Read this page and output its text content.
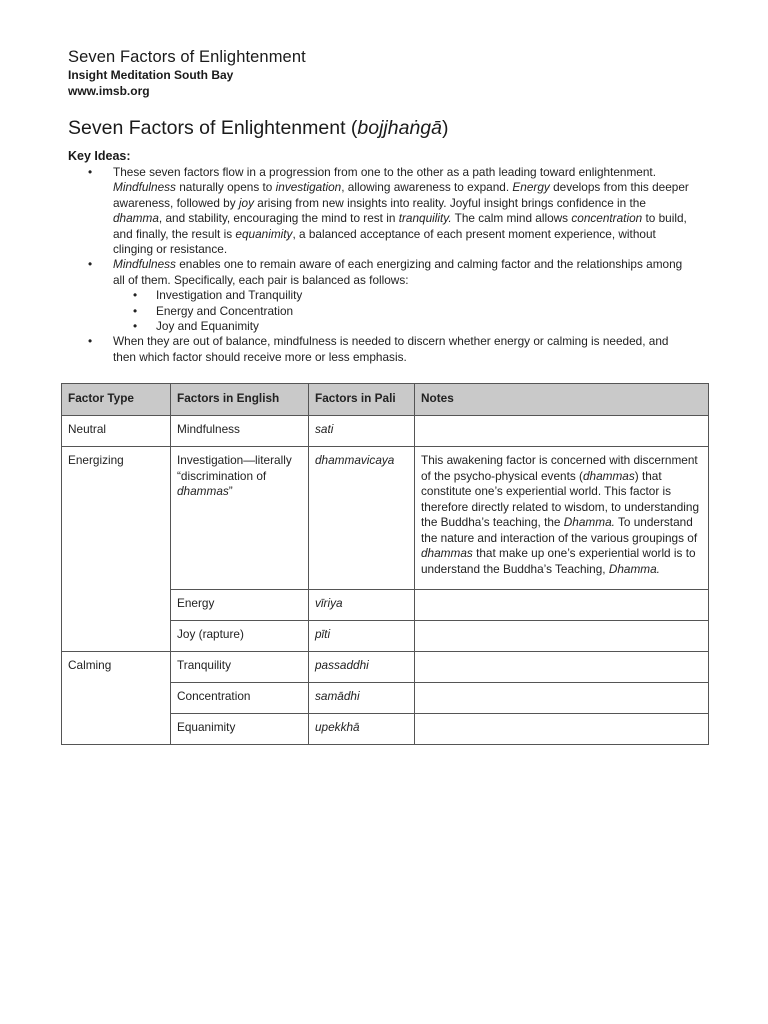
Seven Factors of Enlightenment
Insight Meditation South Bay
www.imsb.org
Seven Factors of Enlightenment (bojjhaṅgā)
Key Ideas:
• These seven factors flow in a progression from one to the other as a path leading toward enlightenment. Mindfulness naturally opens to investigation, allowing awareness to expand. Energy develops from this deeper awareness, followed by joy arising from new insights into reality. Joyful insight brings confidence in the dhamma, and stability, encouraging the mind to rest in tranquility. The calm mind allows concentration to build, and finally, the result is equanimity, a balanced acceptance of each present moment experience, without clinging or resistance.
• Mindfulness enables one to remain aware of each energizing and calming factor and the relationships among all of them. Specifically, each pair is balanced as follows:
• Investigation and Tranquility
• Energy and Concentration
• Joy and Equanimity
• When they are out of balance, mindfulness is needed to discern whether energy or calming is needed, and then which factor should receive more or less emphasis.
Factor Type	Factors in English	Factors in Pali	Notes
Neutral	Mindfulness	sati	
Energizing	Investigation—literally “discrimination of dhammas”	dhammavicaya	This awakening factor is concerned with discernment of the psycho-physical events (dhammas) that constitute one’s experiential world. This factor is therefore directly related to wisdom, to understanding the Buddha’s teaching, the Dhamma. To understand the nature and interaction of the various groupings of dhammas that make up one’s experiential world is to understand the Buddha’s Teaching, Dhamma.
	Energy	vīriya	
	Joy (rapture)	pīti	
Calming	Tranquility	passaddhi	
	Concentration	samādhi	
	Equanimity	upekkhā	
